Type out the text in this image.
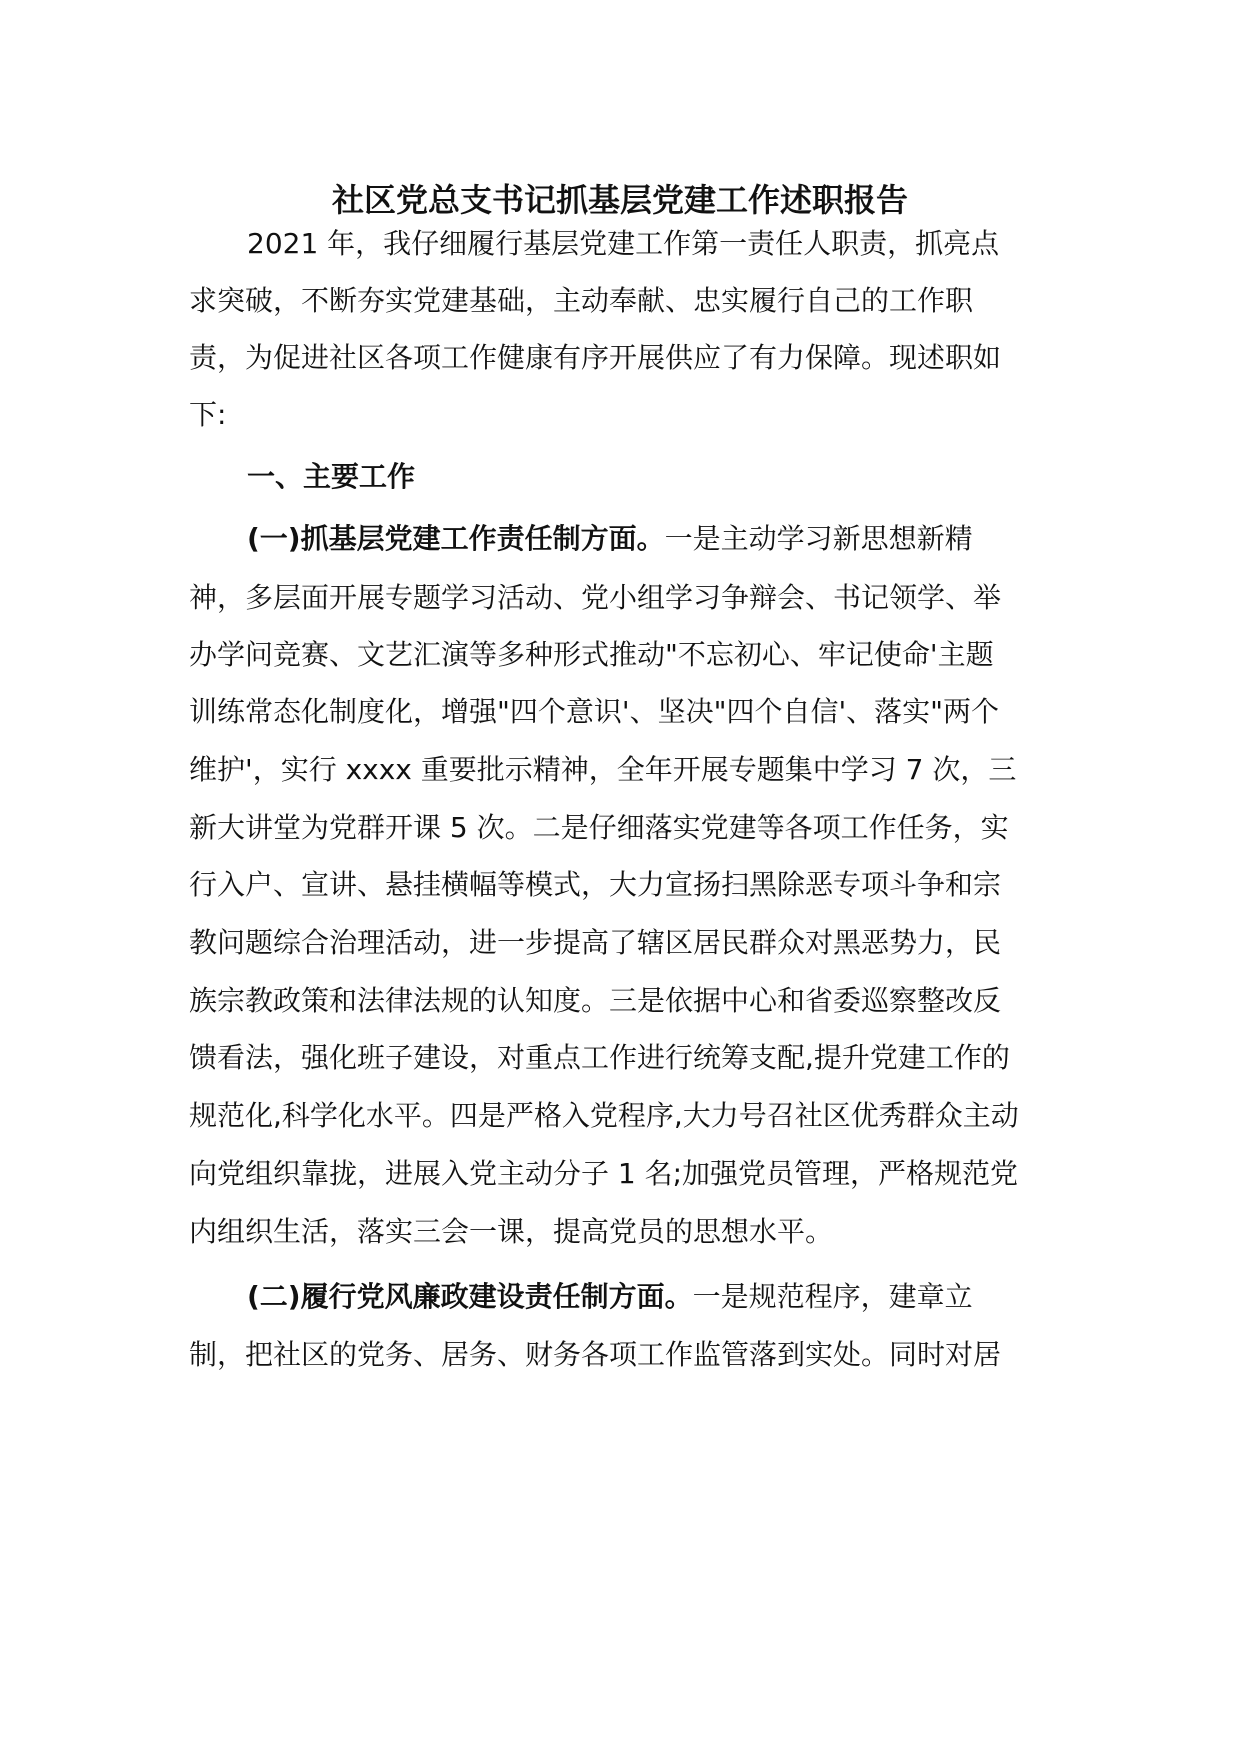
社区党总支书记抓基层党建工作述职报告
2021 年，我仔细履行基层党建工作第一责任人职责，抓亮点
求突破，不断夯实党建基础，主动奉献、忠实履行自己的工作职
责，为促进社区各项工作健康有序开展供应了有力保障。现述职如
下:
一、主要工作
(一)抓基层党建工作责任制方面。一是主动学习新思想新精
神，多层面开展专题学习活动、党小组学习争辩会、书记领学、举
办学问竞赛、文艺汇演等多种形式推动"不忘初心、牢记使命'主题
训练常态化制度化，增强"四个意识'、坚决"四个自信'、落实"两个
维护'，实行 xxxx 重要批示精神，全年开展专题集中学习 7 次，三
新大讲堂为党群开课 5 次。二是仔细落实党建等各项工作任务，实
行入户、宣讲、悬挂横幅等模式，大力宣扬扫黑除恶专项斗争和宗
教问题综合治理活动，进一步提高了辖区居民群众对黑恶势力，民
族宗教政策和法律法规的认知度。三是依据中心和省委巡察整改反
馈看法，强化班子建设，对重点工作进行统筹支配,提升党建工作的
规范化,科学化水平。四是严格入党程序,大力号召社区优秀群众主动
向党组织靠拢，进展入党主动分子 1 名;加强党员管理，严格规范党
内组织生活，落实三会一课，提高党员的思想水平。
(二)履行党风廉政建设责任制方面。一是规范程序，建章立
制，把社区的党务、居务、财务各项工作监管落到实处。同时对居
